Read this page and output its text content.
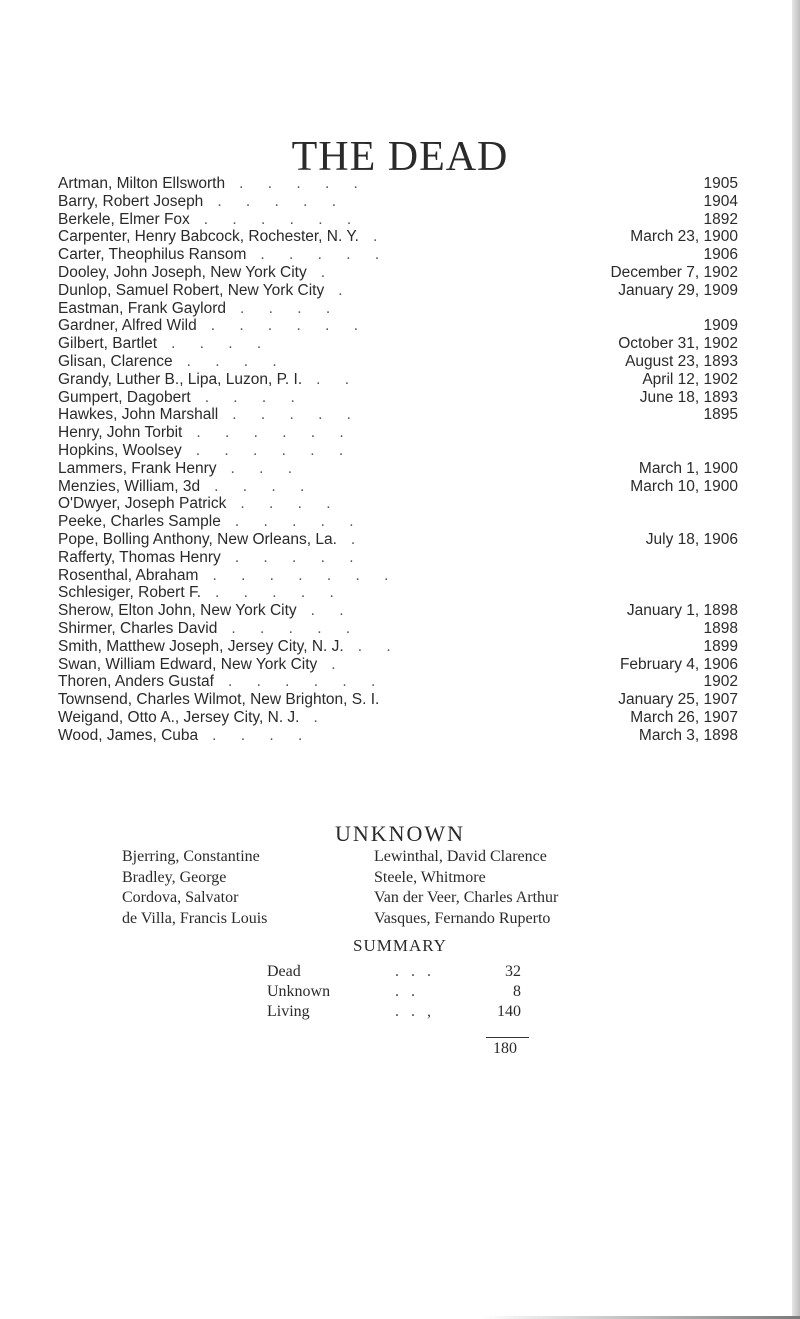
THE DEAD
Artman, Milton Ellsworth . . . . .	1905
Barry, Robert Joseph . . . . .	1904
Berkele, Elmer Fox . . . . . .	1892
Carpenter, Henry Babcock, Rochester, N. Y. .	March 23, 1900
Carter, Theophilus Ransom . . . . .	1906
Dooley, John Joseph, New York City .	December 7, 1902
Dunlop, Samuel Robert, New York City .	January 29, 1909
Eastman, Frank Gaylord . . . .
Gardner, Alfred Wild . . . . . .	1909
Gilbert, Bartlet . . . .	October 31, 1902
Glisan, Clarence . . . .	August 23, 1893
Grandy, Luther B., Lipa, Luzon, P. I. . .	April 12, 1902
Gumpert, Dagobert . . . .	June 18, 1893
Hawkes, John Marshall . . . . .	1895
Henry, John Torbit . . . . . .
Hopkins, Woolsey . . . . . .
Lammers, Frank Henry . . .	March 1, 1900
Menzies, William, 3d . . . .	March 10, 1900
O'Dwyer, Joseph Patrick . . . .
Peeke, Charles Sample . . . . .
Pope, Bolling Anthony, New Orleans, La. .	July 18, 1906
Rafferty, Thomas Henry . . . . .
Rosenthal, Abraham . . . . . . .
Schlesiger, Robert F. . . . . .
Sherow, Elton John, New York City . .	January 1, 1898
Shirmer, Charles David . . . . .	1898
Smith, Matthew Joseph, Jersey City, N. J. . .	1899
Swan, William Edward, New York City .	February 4, 1906
Thoren, Anders Gustaf . . . . . .	1902
Townsend, Charles Wilmot, New Brighton, S. I.	January 25, 1907
Weigand, Otto A., Jersey City, N. J. .	March 26, 1907
Wood, James, Cuba . . . .	March 3, 1898
UNKNOWN
Bjerring, Constantine
Bradley, George
Cordova, Salvator
de Villa, Francis Louis
Lewinthal, David Clarence
Steele, Whitmore
Van der Veer, Charles Arthur
Vasques, Fernando Ruperto
SUMMARY
Dead	...	32
Unknown	..	8
Living	..,	140
180
